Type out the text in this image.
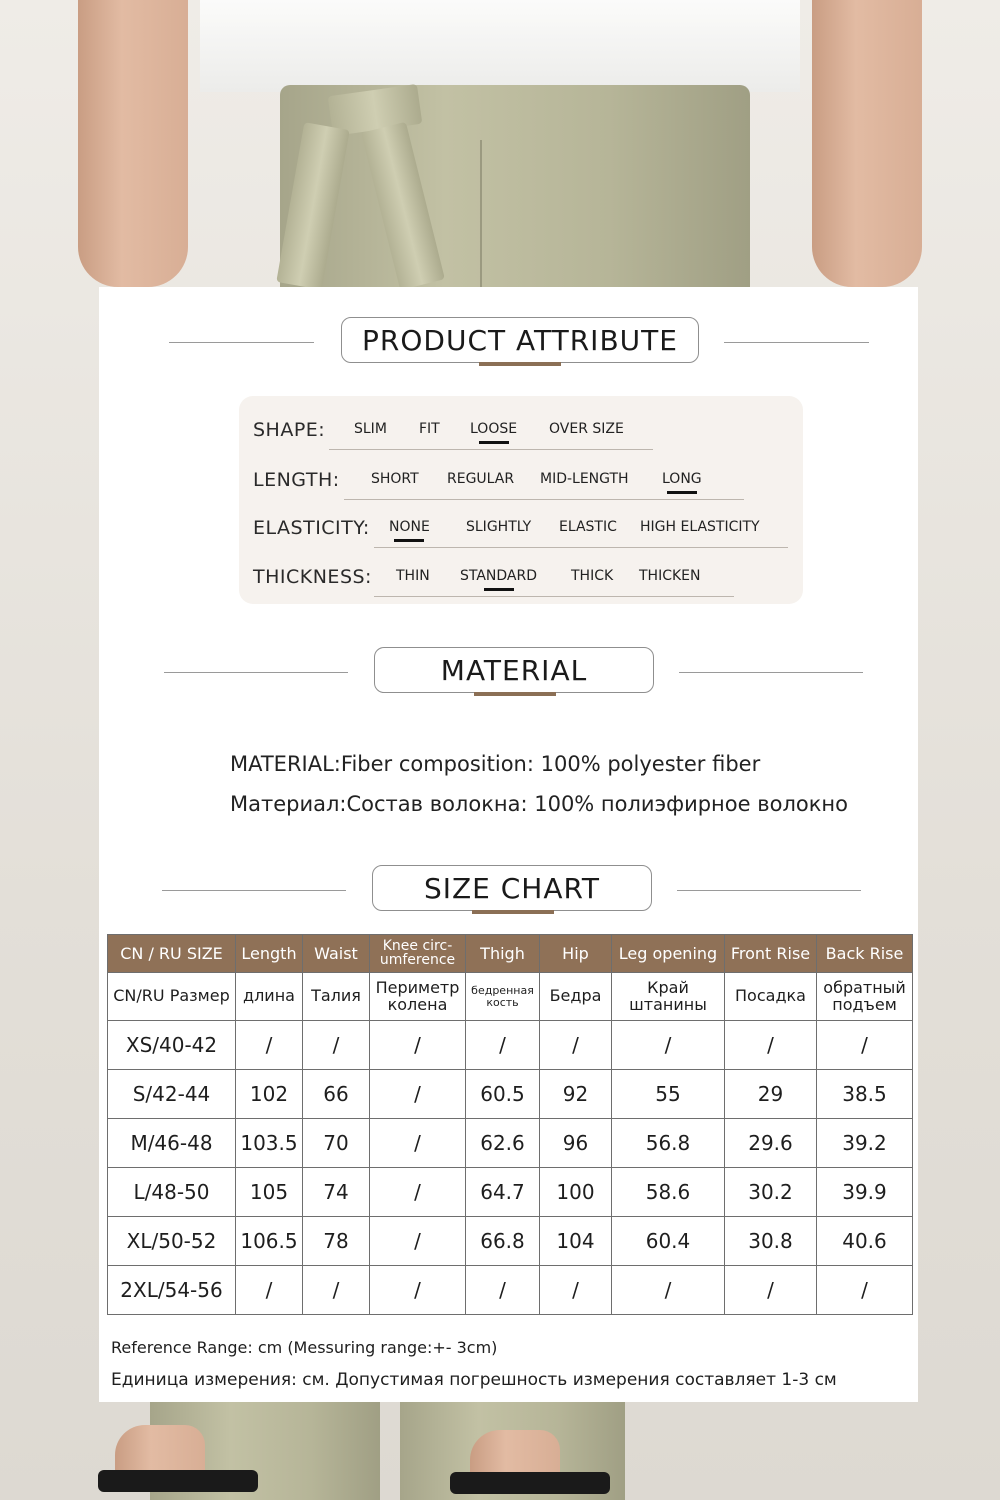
PRODUCT ATTRIBUTE
SHAPE: SLIM FIT LOOSE OVER SIZE
LENGTH: SHORT REGULAR MID-LENGTH LONG
ELASTICITY: NONE	SLIGHTLY ELASTIC HIGH ELASTICITY
THICKNESS: THIN STANDARD THICK THICKEN
MATERIAL
MATERIAL:Fiber composition: 100% polyester fiber
Материал:Состав волокна: 100% полиэфирное волокно
SIZE CHART
CN / RU SIZE	Length	Waist	Knee circ-umference	Thigh	Hip	Leg opening	Front Rise	Back Rise
CN/RU Размер	длина	Талия	Периметр колена	бедренная кость	Бедра	Край штанины	Посадка	обратный подъем
XS/40-42	/	/	/	/	/	/	/	/
S/42-44	102	66	/	60.5	92	55	29	38.5
M/46-48	103.5	70	/	62.6	96	56.8	29.6	39.2
L/48-50	105	74	/	64.7	100	58.6	30.2	39.9
XL/50-52	106.5	78	/	66.8	104	60.4	30.8	40.6
2XL/54-56	/	/	/	/	/	/	/	/
Reference Range: cm (Messuring range:+- 3cm)
Единица измерения: см. Допустимая погрешность измерения составляет 1-3 см
